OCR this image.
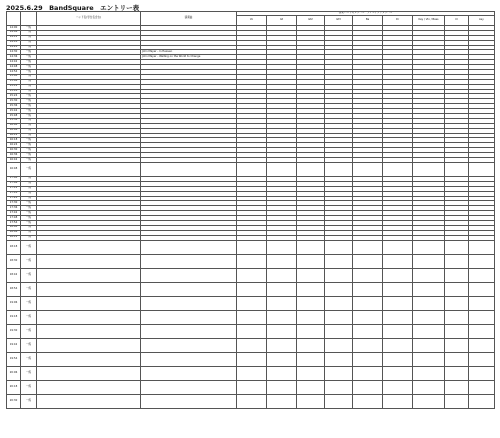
2025.6.29　BandSquare　エントリー表
		バンド名(学生名含む)	演奏曲	各楽パートのメンバー・フィーチングメンバー								
				Vo	Gt	Gt2	Gt3	Ba	Dr	Key / Vln / Bass	Cl	key
14:00	一般											
14:06	一般											
14:12	一般											
14:18	一般											
14:24	一般											
14:30	一般		John Mayer - In Heaven									
14:36	一般		John Mayer - Waiting on the World to Change									
14:42	一般											
14:48	一般											
14:54	一般											
15:00	一般											
15:06	一般											
15:12	一般											
15:18	一般											
15:24	一般											
15:30	一般											
15:36	一般											
15:42	一般											
15:48	一般											
15:54	一般											
16:00	一般											
16:06	一般											
16:12	一般											
16:18	一般											
16:24	一般											
16:30	一般											
16:36	一般											
16:42	一般											
16:48	一般											
17:00	一般											
17:06	一般											
17:12	一般											
17:18	一般											
17:24	一般											
17:30	一般											
17:36	一般											
17:42	一般											
17:48	一般											
17:54	一般											
18:00	一般											
18:06	一般											
18:12	一般											
18:18	一般											
18:30	一般											
18:42	一般											
18:54	一般											
19:06	一般											
19:18	一般											
19:30	一般											
19:42	一般											
19:54	一般											
20:06	一般											
20:18	一般											
20:30	一般											
